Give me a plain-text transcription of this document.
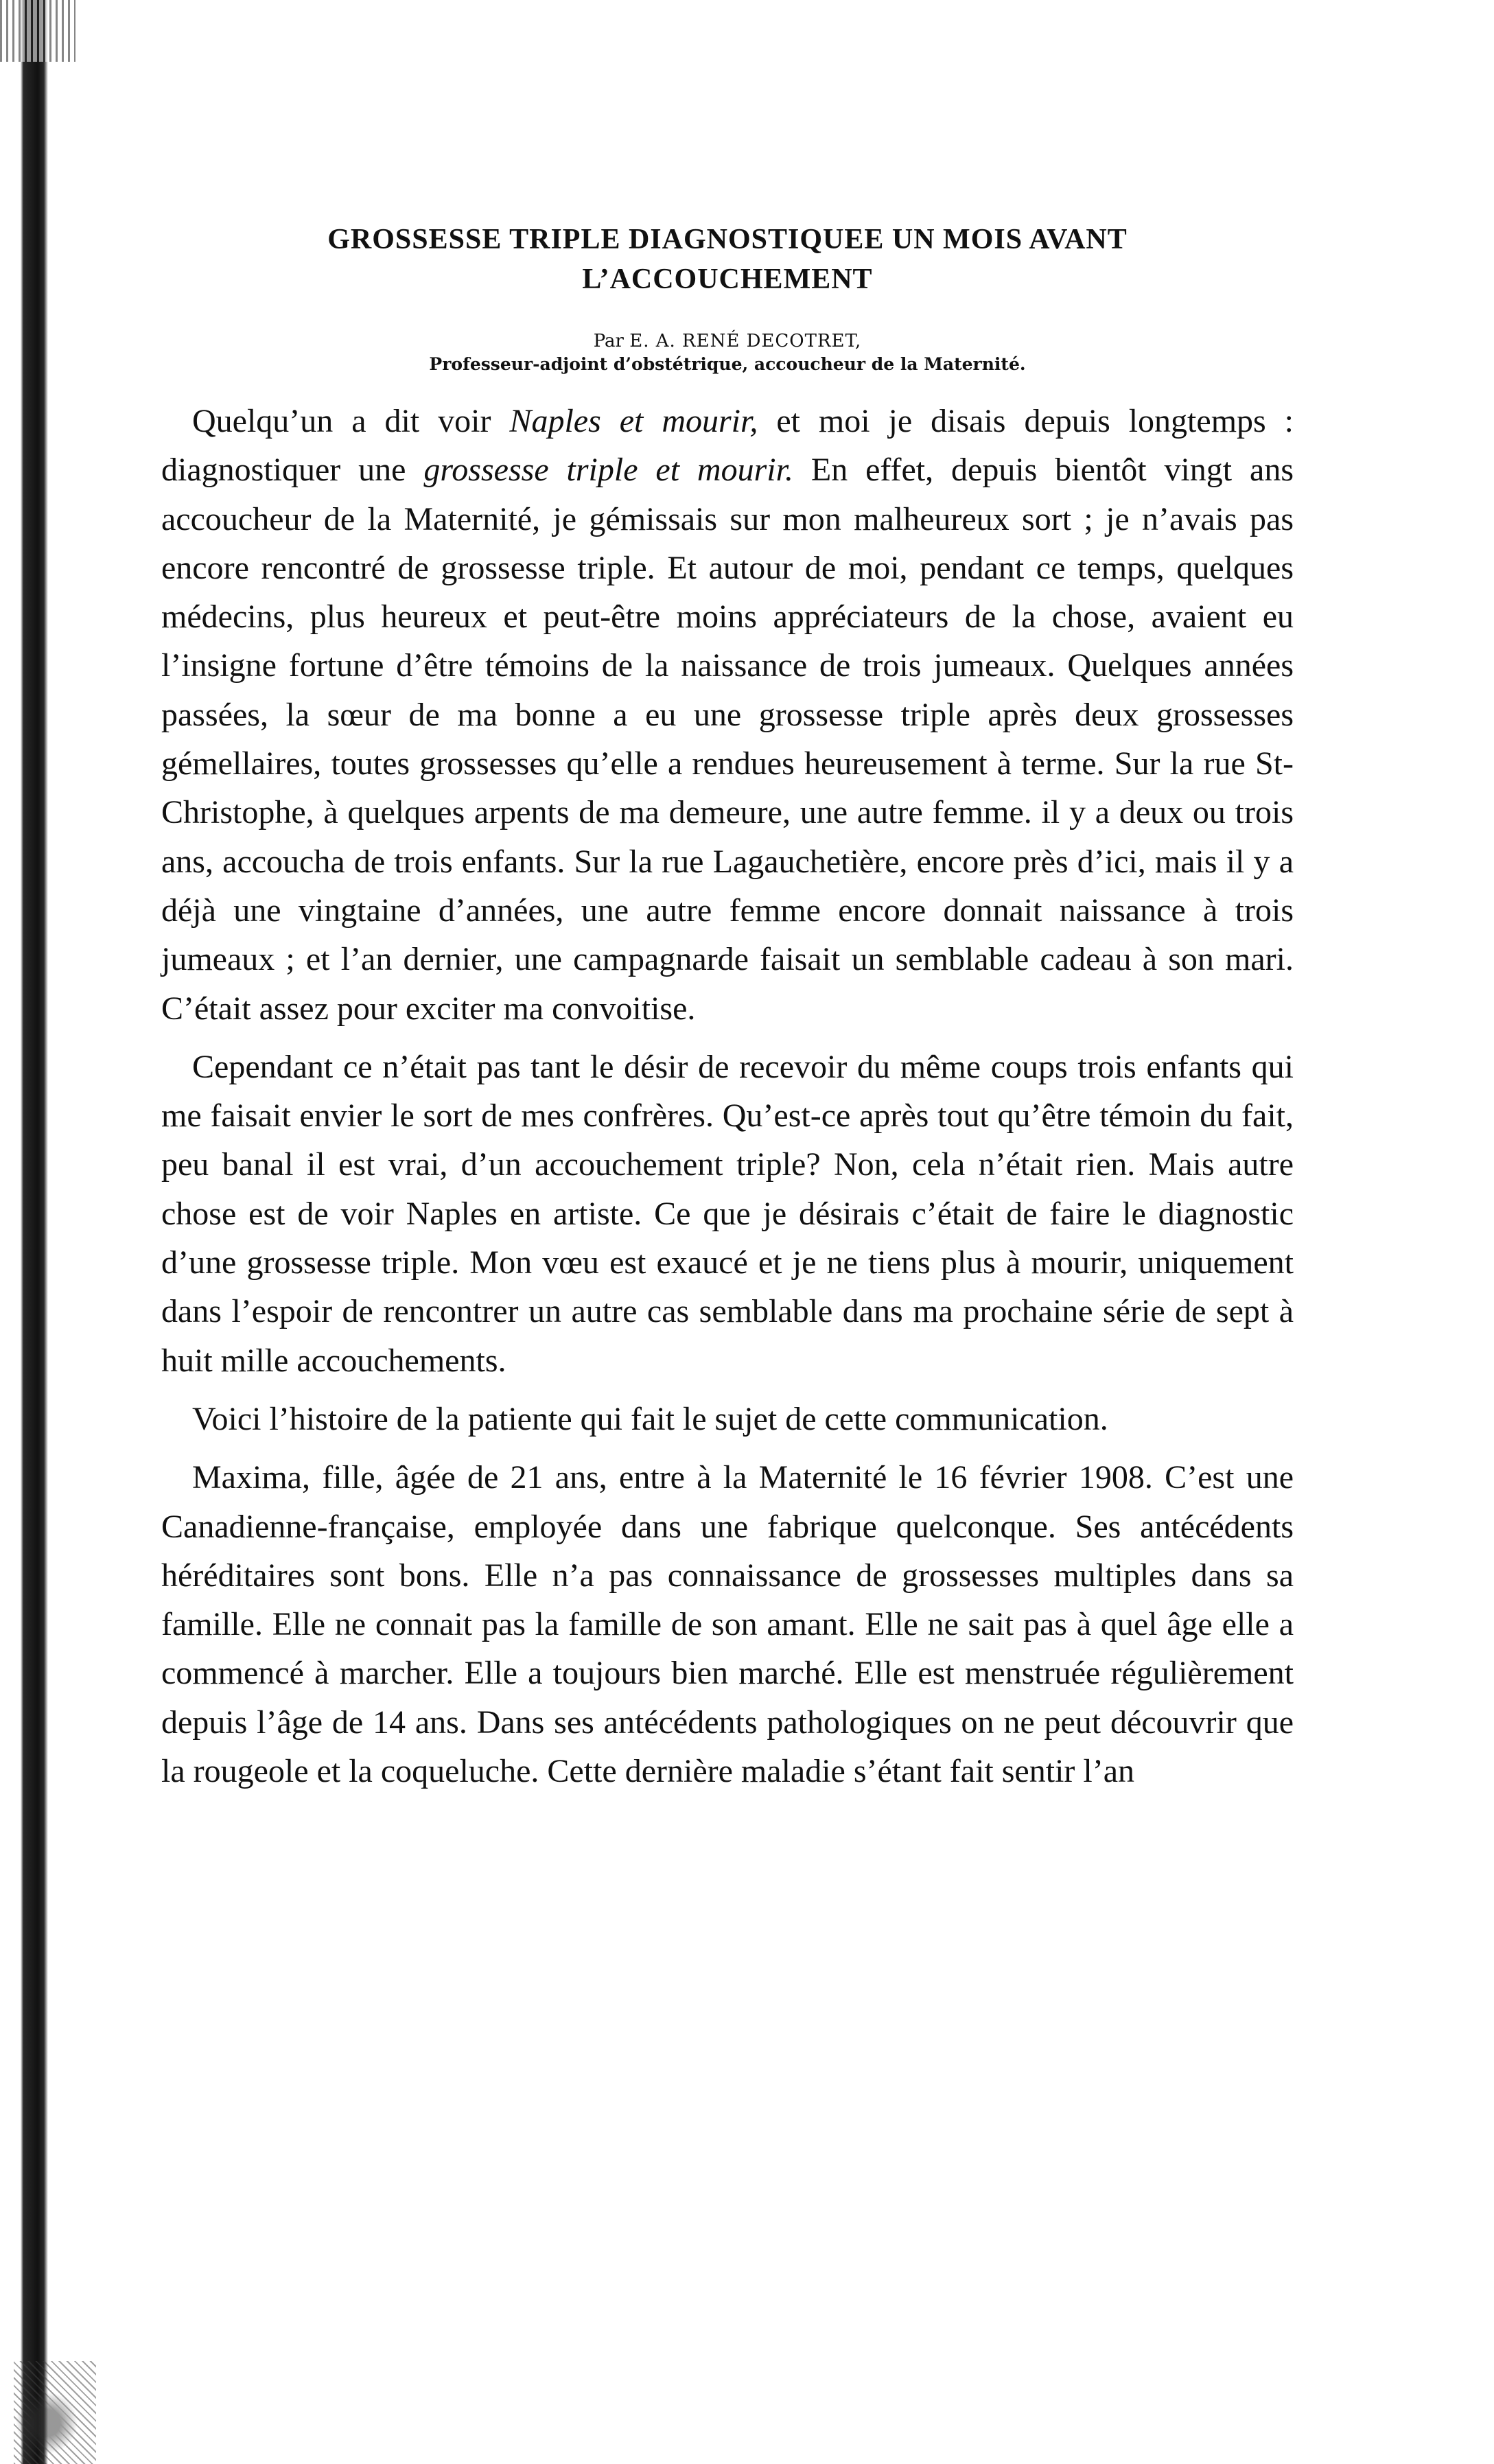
GROSSESSE TRIPLE DIAGNOSTIQUEE UN MOIS AVANT
L’ACCOUCHEMENT
Par E. A. RENÉ DECOTRET,
Professeur-adjoint d’obstétrique, accoucheur de la Maternité.

Quelqu’un a dit voir Naples et mourir, et moi je disais depuis longtemps : diagnostiquer une grossesse triple et mourir. En effet, depuis bientôt vingt ans accoucheur de la Maternité, je gémissais sur mon malheureux sort ; je n’avais pas encore rencontré de grossesse triple. Et autour de moi, pendant ce temps, quelques médecins, plus heureux et peut-être moins appréciateurs de la chose, avaient eu l’insigne fortune d’être témoins de la naissance de trois jumeaux. Quelques années passées, la sœur de ma bonne a eu une grossesse triple après deux grossesses gémellaires, toutes grossesses qu’elle a rendues heureusement à terme. Sur la rue St-Christophe, à quelques arpents de ma demeure, une autre femme. il y a deux ou trois ans, accoucha de trois enfants. Sur la rue Lagauchetière, encore près d’ici, mais il y a déjà une vingtaine d’années, une autre femme encore donnait naissance à trois jumeaux ; et l’an dernier, une campagnarde faisait un semblable cadeau à son mari. C’était assez pour exciter ma convoitise.

Cependant ce n’était pas tant le désir de recevoir du même coups trois enfants qui me faisait envier le sort de mes confrères. Qu’est-ce après tout qu’être témoin du fait, peu banal il est vrai, d’un accouchement triple? Non, cela n’était rien. Mais autre chose est de voir Naples en artiste. Ce que je désirais c’était de faire le diagnostic d’une grossesse triple. Mon vœu est exaucé et je ne tiens plus à mourir, uniquement dans l’espoir de rencontrer un autre cas semblable dans ma prochaine série de sept à huit mille accouchements.

Voici l’histoire de la patiente qui fait le sujet de cette communication.

Maxima, fille, âgée de 21 ans, entre à la Maternité le 16 février 1908. C’est une Canadienne-française, employée dans une fabrique quelconque. Ses antécédents héréditaires sont bons. Elle n’a pas connaissance de grossesses multiples dans sa famille. Elle ne connait pas la famille de son amant. Elle ne sait pas à quel âge elle a commencé à marcher. Elle a toujours bien marché. Elle est menstruée régulièrement depuis l’âge de 14 ans. Dans ses antécédents pathologiques on ne peut découvrir que la rougeole et la coqueluche. Cette dernière maladie s’étant fait sentir l’an
